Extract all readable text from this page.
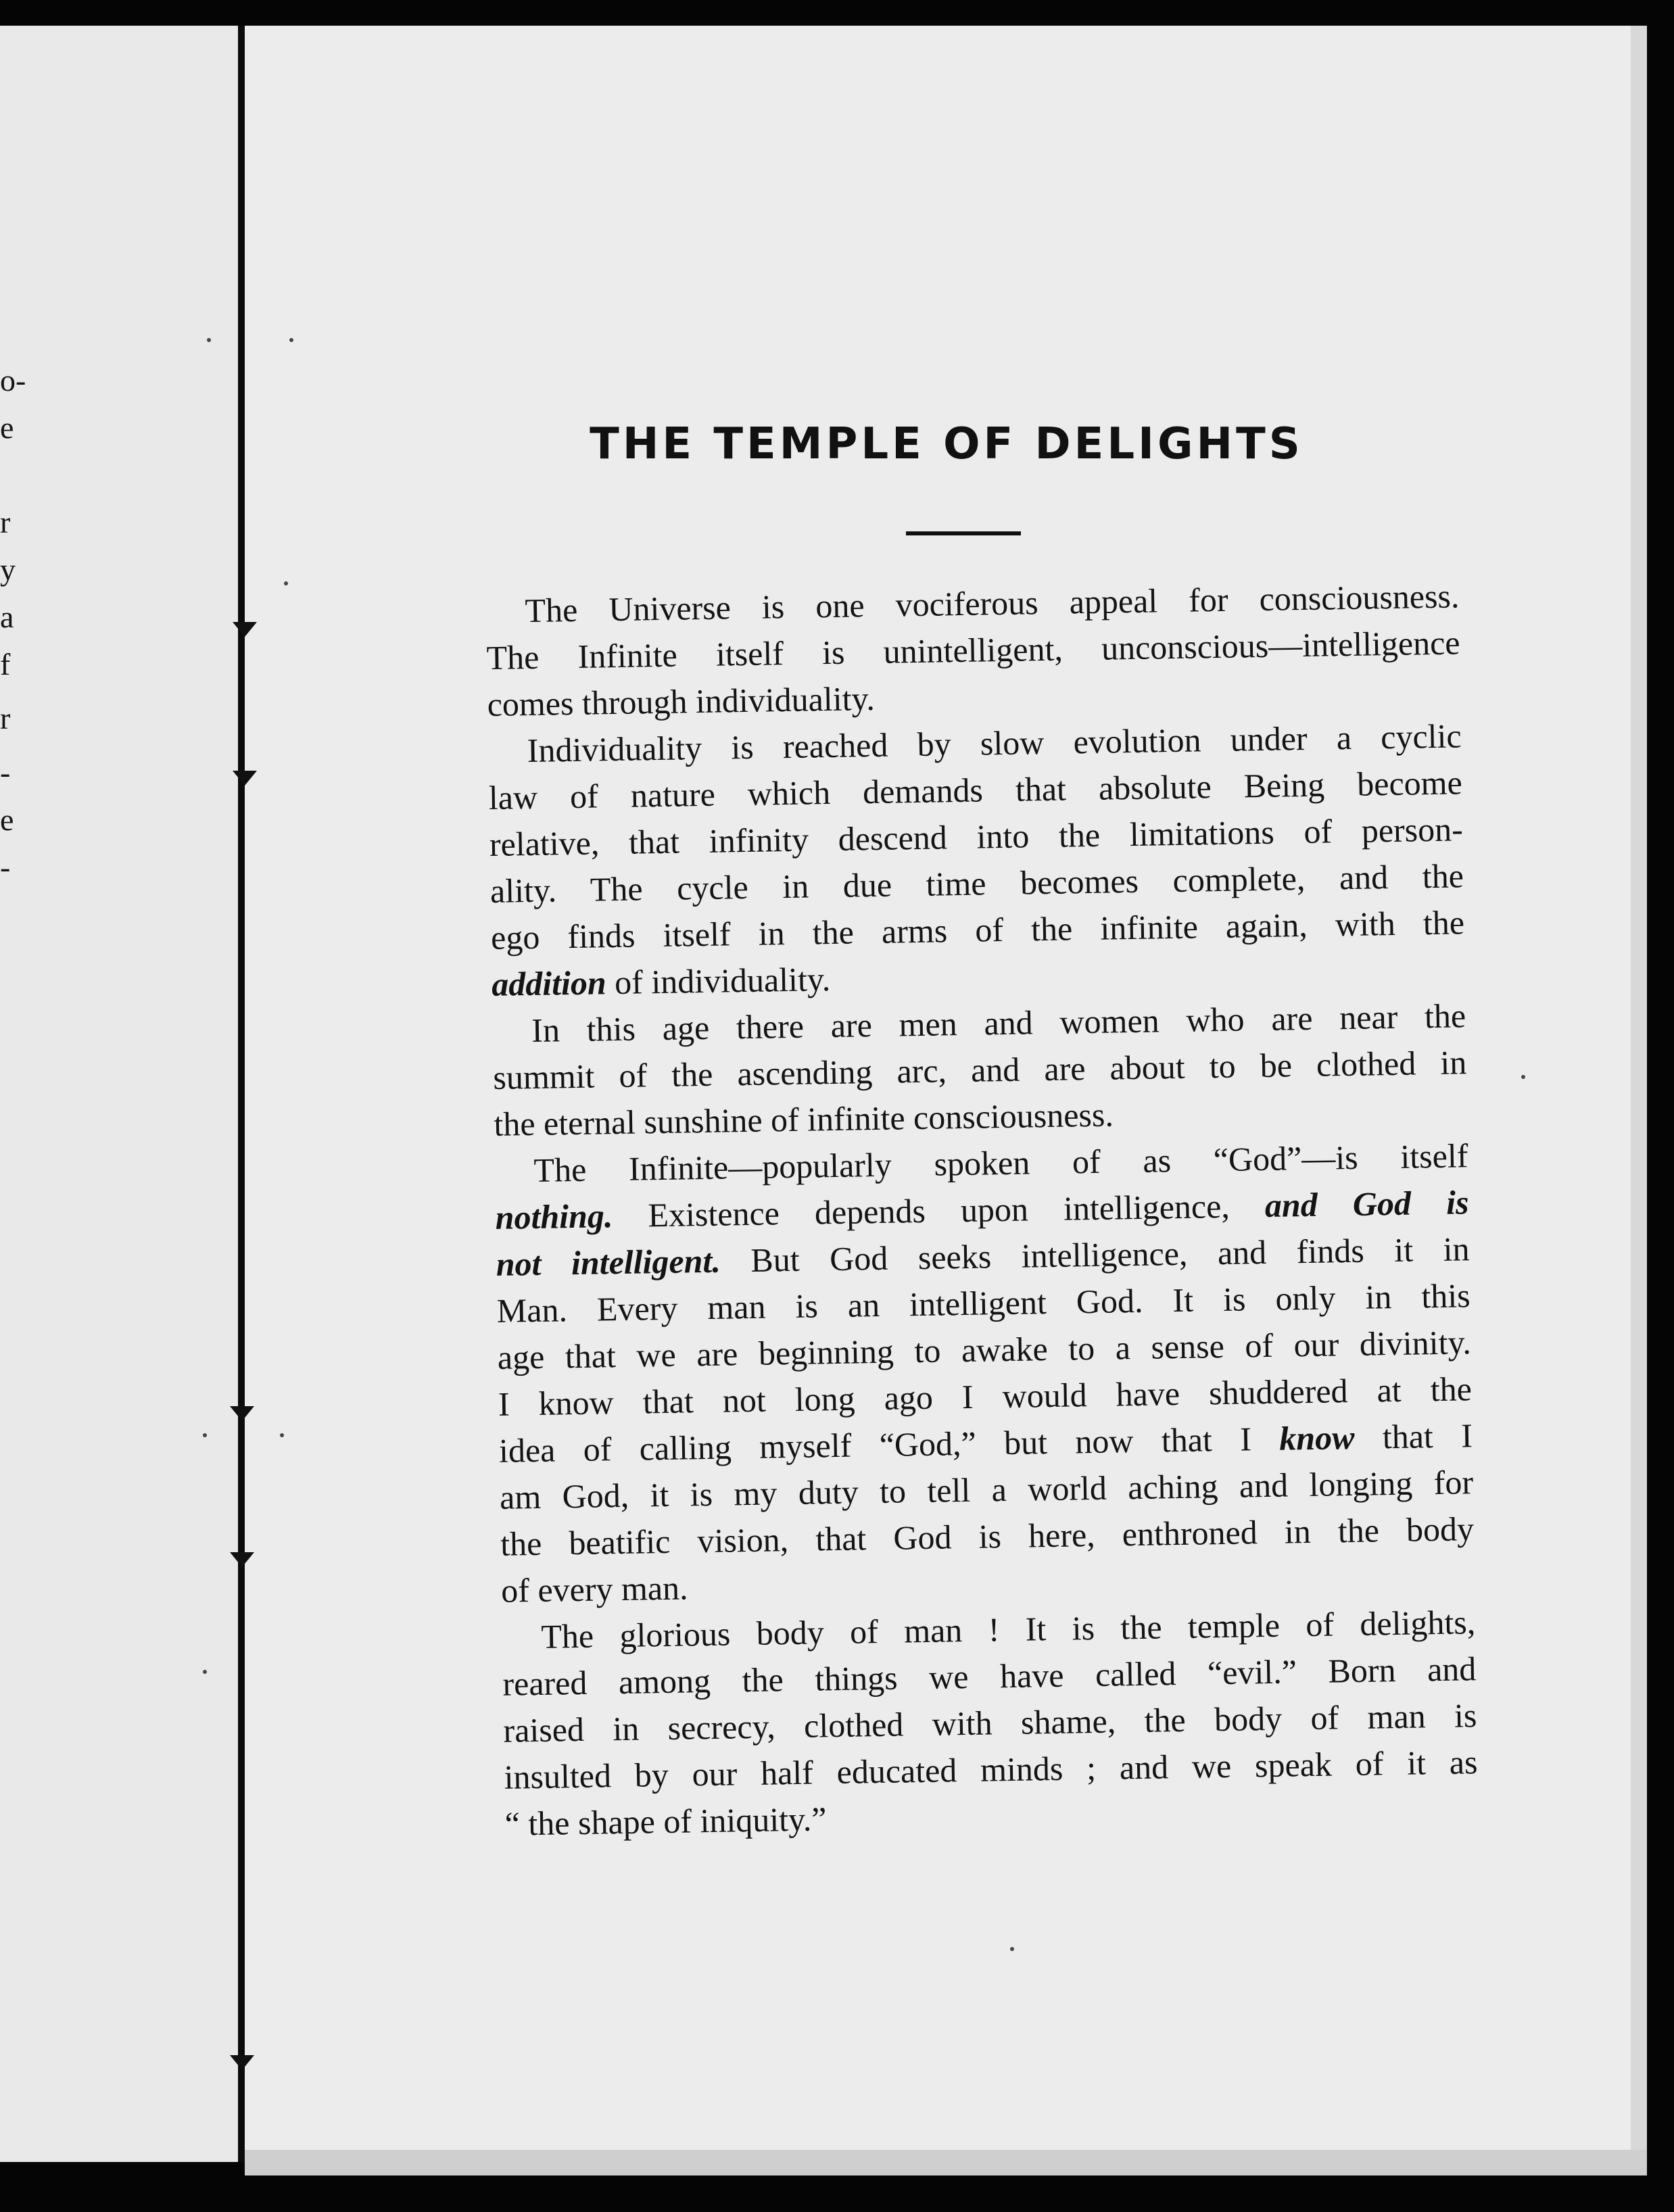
o-
e
r
y
a
f
r
-
e
-
THE TEMPLE OF DELIGHTS
The Universe is one vociferous appeal for consciousness.
The Infinite itself is unintelligent, unconscious—intelligence
comes through individuality.
Individuality is reached by slow evolution under a cyclic
law of nature which demands that absolute Being become
relative, that infinity descend into the limitations of person-
ality. The cycle in due time becomes complete, and the
ego finds itself in the arms of the infinite again, with the
addition of individuality.
In this age there are men and women who are near the
summit of the ascending arc, and are about to be clothed in
the eternal sunshine of infinite consciousness.
The Infinite—popularly spoken of as “God”—is itself
nothing. Existence depends upon intelligence, and God is
not intelligent. But God seeks intelligence, and finds it in
Man. Every man is an intelligent God. It is only in this
age that we are beginning to awake to a sense of our divinity.
I know that not long ago I would have shuddered at the
idea of calling myself “God,” but now that I know that I
am God, it is my duty to tell a world aching and longing for
the beatific vision, that God is here, enthroned in the body
of every man.
The glorious body of man ! It is the temple of delights,
reared among the things we have called “evil.” Born and
raised in secrecy, clothed with shame, the body of man is
insulted by our half educated minds ; and we speak of it as
“ the shape of iniquity.”
